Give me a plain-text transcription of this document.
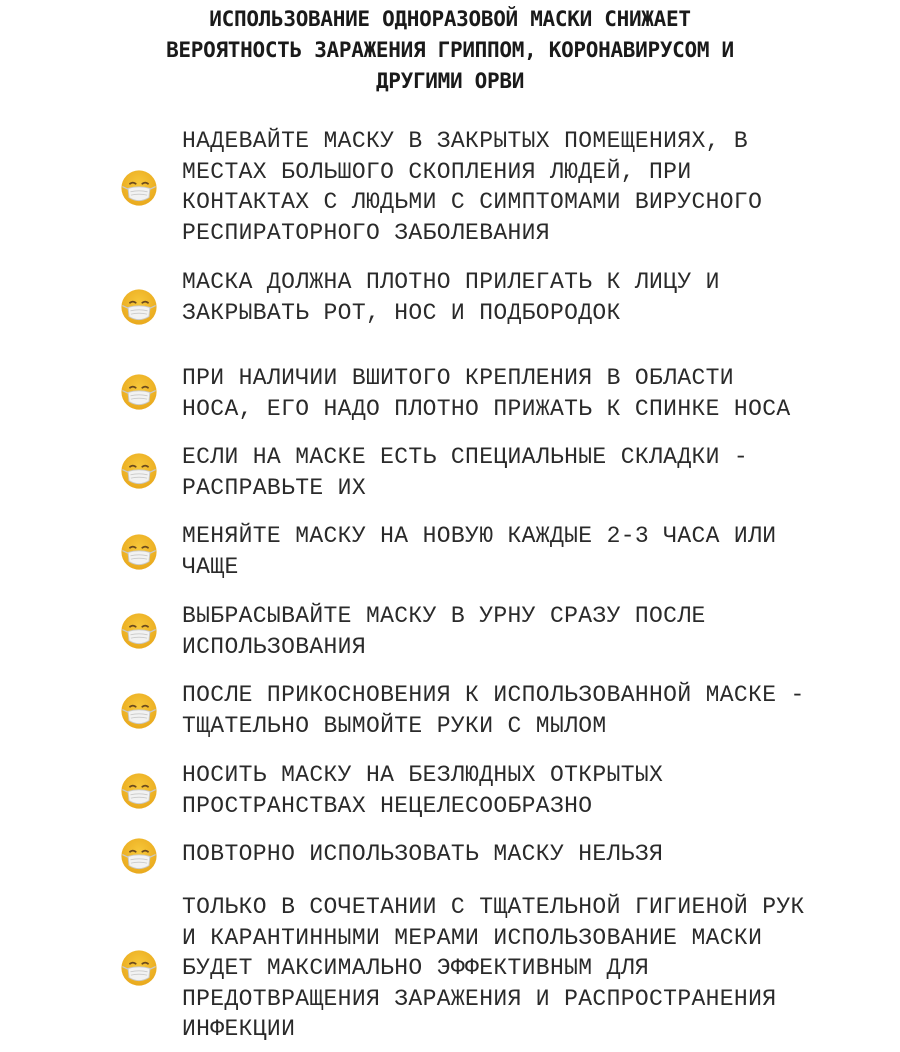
ИСПОЛЬЗОВАНИЕ ОДНОРАЗОВОЙ МАСКИ СНИЖАЕТ
ВЕРОЯТНОСТЬ ЗАРАЖЕНИЯ ГРИППОМ, КОРОНАВИРУСОМ И
ДРУГИМИ ОРВИ

НАДЕВАЙТЕ МАСКУ В ЗАКРЫТЫХ ПОМЕЩЕНИЯХ, В
МЕСТАХ БОЛЬШОГО СКОПЛЕНИЯ ЛЮДЕЙ, ПРИ
КОНТАКТАХ С ЛЮДЬМИ С СИМПТОМАМИ ВИРУСНОГО
РЕСПИРАТОРНОГО ЗАБОЛЕВАНИЯ

МАСКА ДОЛЖНА ПЛОТНО ПРИЛЕГАТЬ К ЛИЦУ И
ЗАКРЫВАТЬ РОТ, НОС И ПОДБОРОДОК

ПРИ НАЛИЧИИ ВШИТОГО КРЕПЛЕНИЯ В ОБЛАСТИ
НОСА, ЕГО НАДО ПЛОТНО ПРИЖАТЬ К СПИНКЕ НОСА

ЕСЛИ НА МАСКЕ ЕСТЬ СПЕЦИАЛЬНЫЕ СКЛАДКИ -
РАСПРАВЬТЕ ИХ

МЕНЯЙТЕ МАСКУ НА НОВУЮ КАЖДЫЕ 2-3 ЧАСА ИЛИ
ЧАЩЕ

ВЫБРАСЫВАЙТЕ МАСКУ В УРНУ СРАЗУ ПОСЛЕ
ИСПОЛЬЗОВАНИЯ

ПОСЛЕ ПРИКОСНОВЕНИЯ К ИСПОЛЬЗОВАННОЙ МАСКЕ -
ТЩАТЕЛЬНО ВЫМОЙТЕ РУКИ С МЫЛОМ

НОСИТЬ МАСКУ НА БЕЗЛЮДНЫХ ОТКРЫТЫХ
ПРОСТРАНСТВАХ НЕЦЕЛЕСООБРАЗНО

ПОВТОРНО ИСПОЛЬЗОВАТЬ МАСКУ НЕЛЬЗЯ

ТОЛЬКО В СОЧЕТАНИИ С ТЩАТЕЛЬНОЙ ГИГИЕНОЙ РУК
И КАРАНТИННЫМИ МЕРАМИ ИСПОЛЬЗОВАНИЕ МАСКИ
БУДЕТ МАКСИМАЛЬНО ЭФФЕКТИВНЫМ ДЛЯ
ПРЕДОТВРАЩЕНИЯ ЗАРАЖЕНИЯ И РАСПРОСТРАНЕНИЯ
ИНФЕКЦИИ
